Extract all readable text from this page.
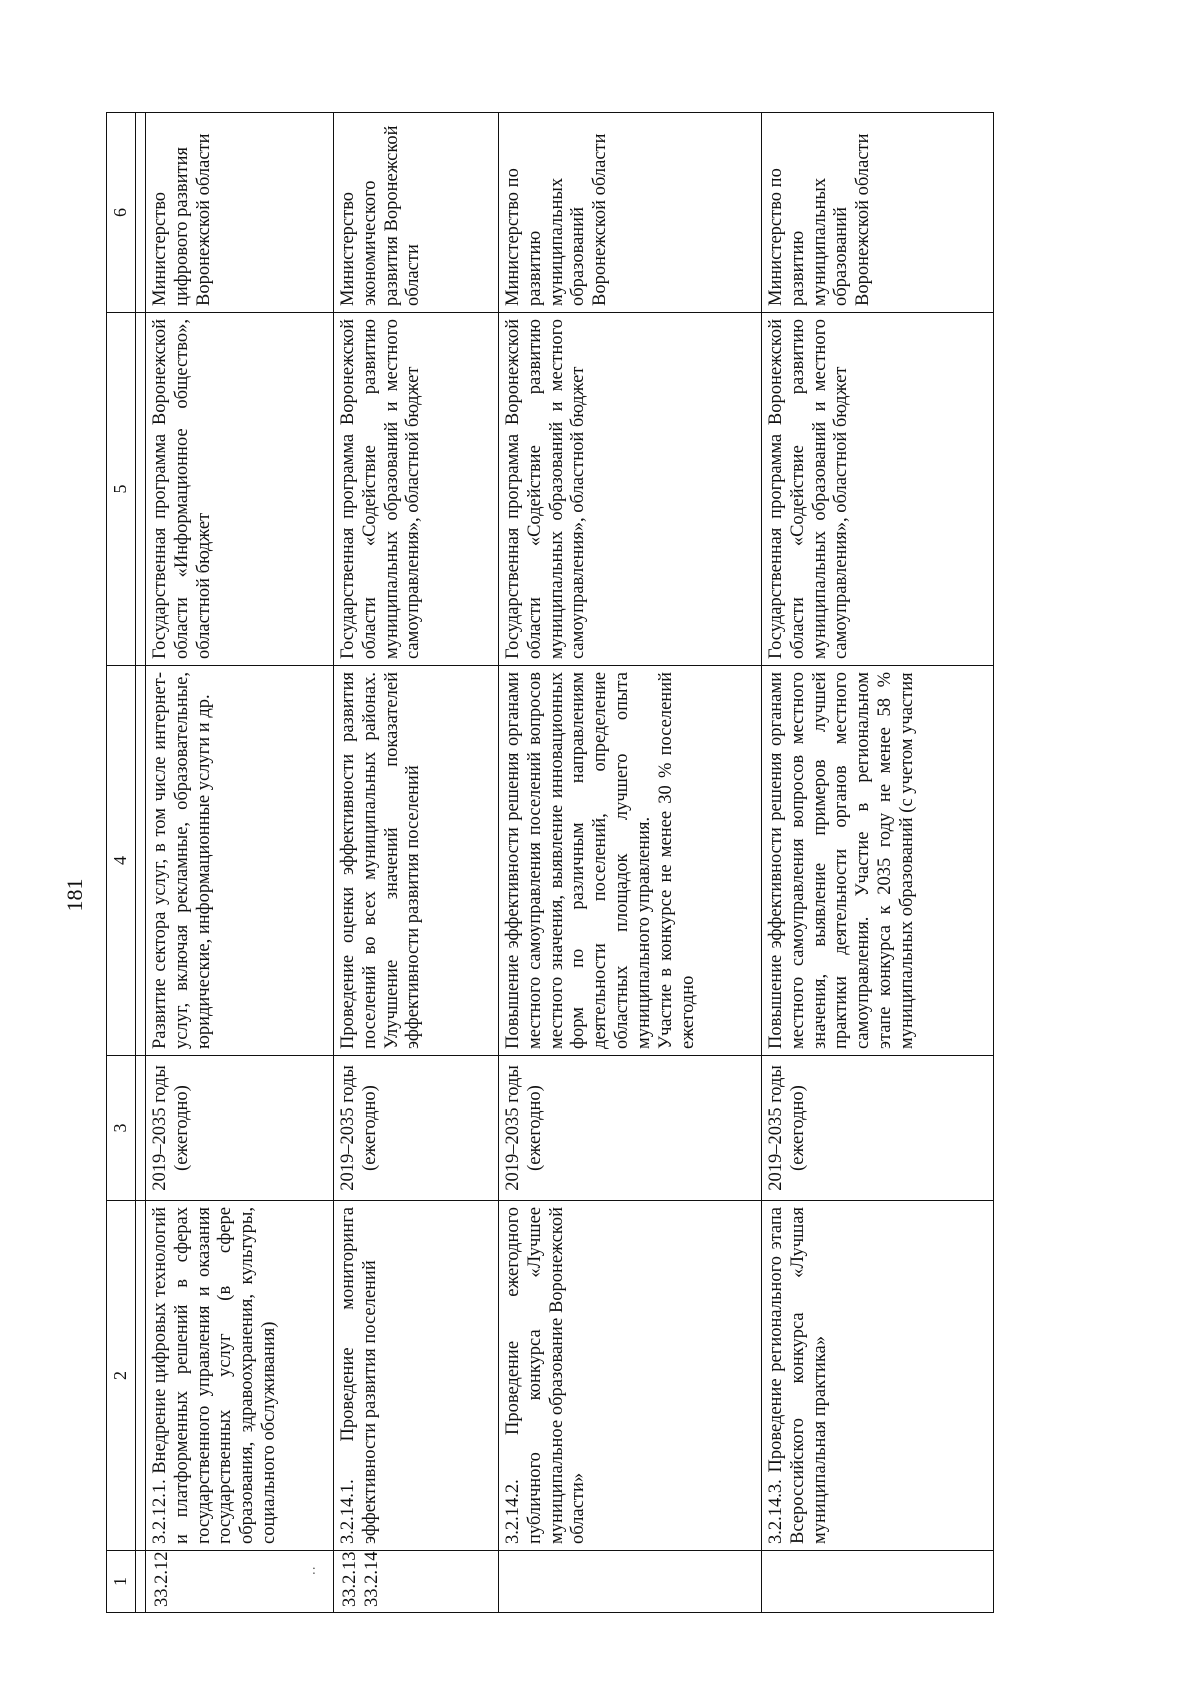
181
:
1	2	3	4	5	6

33.2.12	3.2.12.1. Внедрение цифровых технологий и платформенных решений в сферах государственного управления и оказания государственных услуг (в сфере образования, здравоохранения, культуры, социального обслуживания)	2019–2035 годы (ежегодно)	Развитие сектора услуг, в том числе интернет-услуг, включая рекламные, образовательные, юридические, информационные услуги и др.	Государственная программа Воронежской области «Информационное общество», областной бюджет	Министерство цифрового развития Воронежской области

33.2.13 33.2.14	3.2.14.1. Проведение мониторинга эффективности развития поселений	2019–2035 годы (ежегодно)	Проведение оценки эффективности развития поселений во всех муниципальных районах. Улучшение значений показателей эффективности развития поселений	Государственная программа Воронежской области «Содействие развитию муниципальных образований и местного самоуправления», областной бюджет	Министерство экономического развития Воронежской области
	3.2.14.2. Проведение ежегодного публичного конкурса «Лучшее муниципальное образование Воронежской области»	2019–2035 годы (ежегодно)	Повышение эффективности решения органами местного самоуправления поселений вопросов местного значения, выявление инновационных форм по различным направлениям деятельности поселений, определение областных площадок лучшего опыта муниципального управления. Участие в конкурсе не менее 30 % поселений ежегодно	Государственная программа Воронежской области «Содействие развитию муниципальных образований и местного самоуправления», областной бюджет	Министерство по развитию муниципальных образований Воронежской области
	3.2.14.3. Проведение регионального этапа Всероссийского конкурса «Лучшая муниципальная практика»	2019–2035 годы (ежегодно)	Повышение эффективности решения органами местного самоуправления вопросов местного значения, выявление примеров лучшей практики деятельности органов местного самоуправления. Участие в региональном этапе конкурса к 2035 году не менее 58 % муниципальных образований (с учетом участия	Государственная программа Воронежской области «Содействие развитию муниципальных образований и местного самоуправления», областной бюджет	Министерство по развитию муниципальных образований Воронежской области
